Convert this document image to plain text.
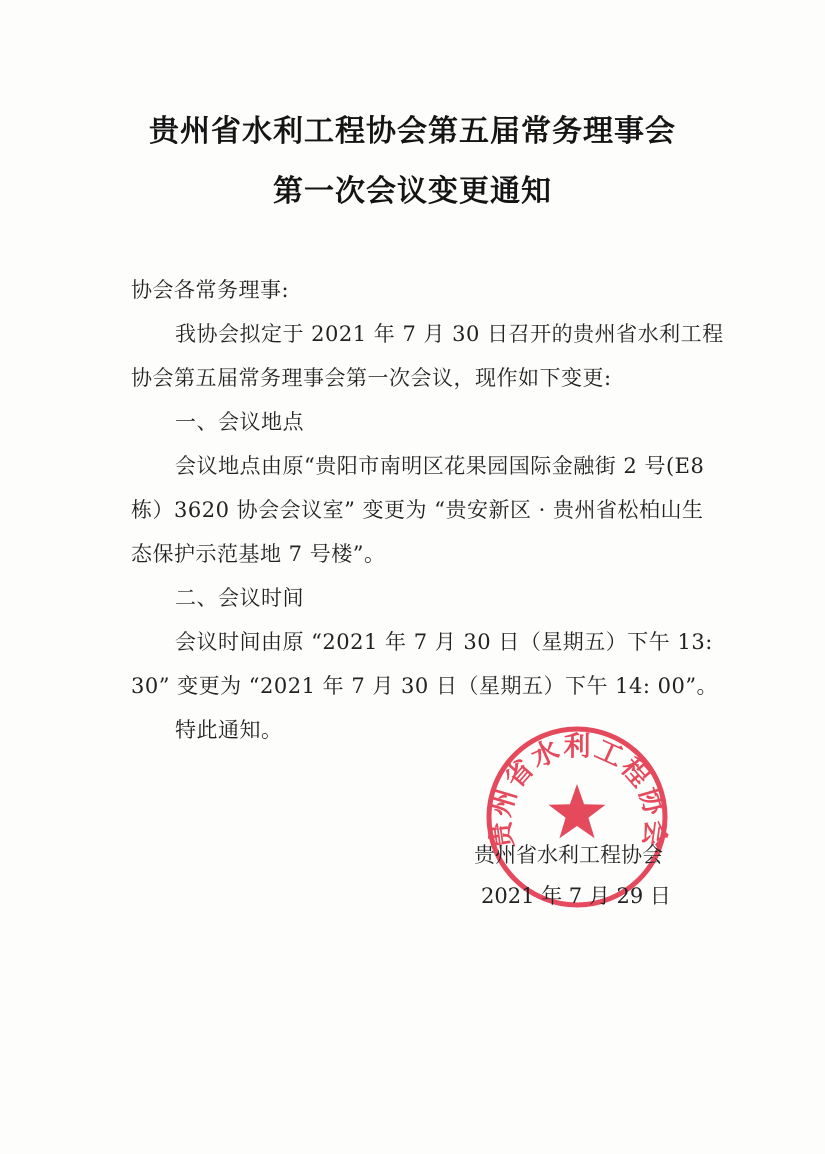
贵州省水利工程协会第五届常务理事会
第一次会议变更通知
协会各常务理事:
我协会拟定于 2021 年 7 月 30 日召开的贵州省水利工程
协会第五届常务理事会第一次会议，现作如下变更:
一、会议地点
会议地点由原“贵阳市南明区花果园国际金融街 2 号(E8
栋）3620 协会会议室” 变更为 “贵安新区 · 贵州省松柏山生
态保护示范基地 7 号楼”。
二、会议时间
会议时间由原 “2021 年 7 月 30 日（星期五）下午 13:
30” 变更为 “2021 年 7 月 30 日（星期五）下午 14: 00”。
特此通知。
贵州省水利工程协会
贵州省水利工程协会
2021 年 7 月 29 日
